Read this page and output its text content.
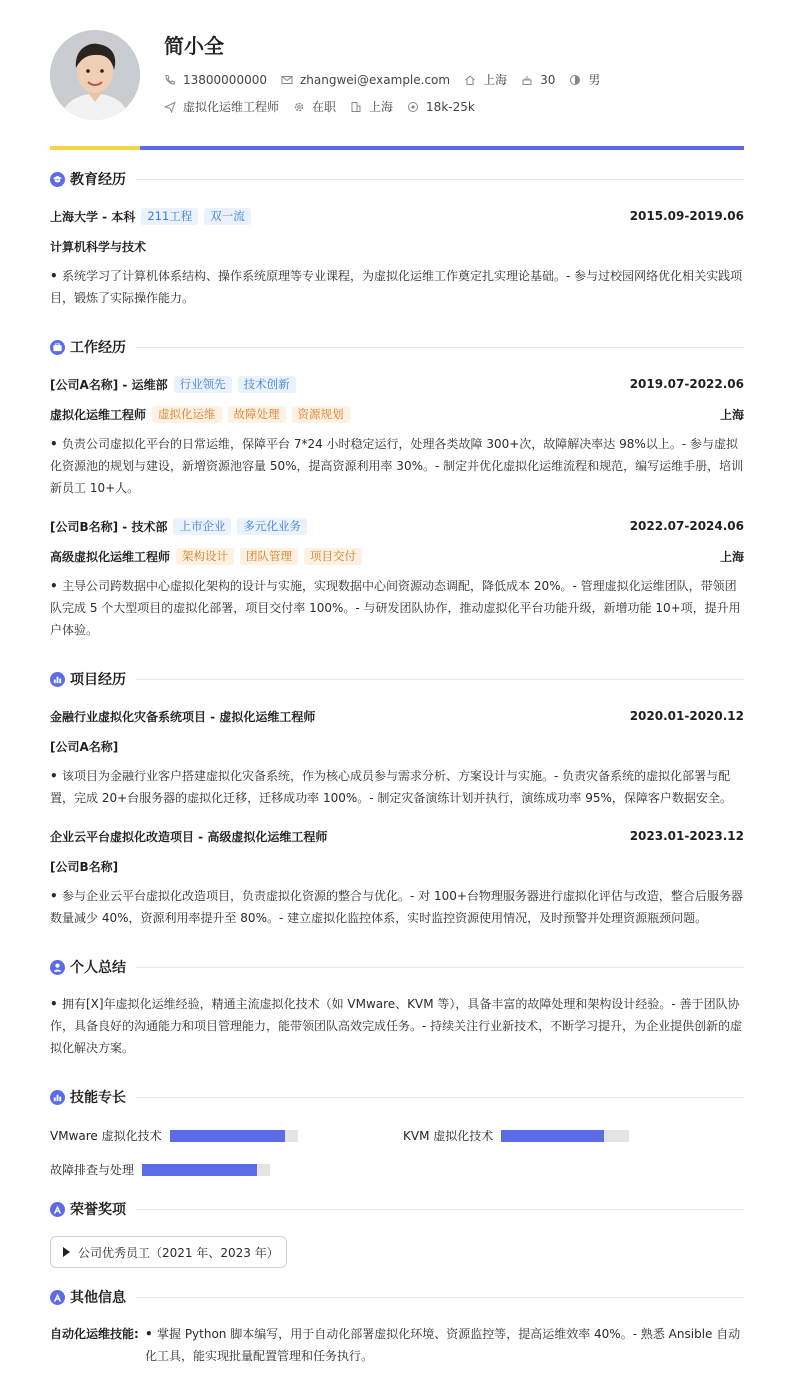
简小全
13800000000	zhangwei@example.com	上海	30	男
虚拟化运维工程师	在职	上海	18k-25k
教育经历
上海大学 - 本科	211工程	双一流	2015.09-2019.06
计算机科学与技术
• 系统学习了计算机体系结构、操作系统原理等专业课程，为虚拟化运维工作奠定扎实理论基础。- 参与过校园网络优化相关实践项目，锻炼了实际操作能力。
工作经历
[公司A名称] - 运维部	行业领先	技术创新	2019.07-2022.06
虚拟化运维工程师	虚拟化运维	故障处理	资源规划	上海
• 负责公司虚拟化平台的日常运维，保障平台 7*24 小时稳定运行，处理各类故障 300+次，故障解决率达 98%以上。- 参与虚拟化资源池的规划与建设，新增资源池容量 50%，提高资源利用率 30%。- 制定并优化虚拟化运维流程和规范，编写运维手册，培训新员工 10+人。
[公司B名称] - 技术部	上市企业	多元化业务	2022.07-2024.06
高级虚拟化运维工程师	架构设计	团队管理	项目交付	上海
• 主导公司跨数据中心虚拟化架构的设计与实施，实现数据中心间资源动态调配，降低成本 20%。- 管理虚拟化运维团队，带领团队完成 5 个大型项目的虚拟化部署，项目交付率 100%。- 与研发团队协作，推动虚拟化平台功能升级，新增功能 10+项，提升用户体验。
项目经历
金融行业虚拟化灾备系统项目 - 虚拟化运维工程师	2020.01-2020.12
[公司A名称]
• 该项目为金融行业客户搭建虚拟化灾备系统，作为核心成员参与需求分析、方案设计与实施。- 负责灾备系统的虚拟化部署与配置，完成 20+台服务器的虚拟化迁移，迁移成功率 100%。- 制定灾备演练计划并执行，演练成功率 95%，保障客户数据安全。
企业云平台虚拟化改造项目 - 高级虚拟化运维工程师	2023.01-2023.12
[公司B名称]
• 参与企业云平台虚拟化改造项目，负责虚拟化资源的整合与优化。- 对 100+台物理服务器进行虚拟化评估与改造，整合后服务器数量减少 40%，资源利用率提升至 80%。- 建立虚拟化监控体系，实时监控资源使用情况，及时预警并处理资源瓶颈问题。
个人总结
• 拥有[X]年虚拟化运维经验，精通主流虚拟化技术（如 VMware、KVM 等），具备丰富的故障处理和架构设计经验。- 善于团队协作，具备良好的沟通能力和项目管理能力，能带领团队高效完成任务。- 持续关注行业新技术，不断学习提升，为企业提供创新的虚拟化解决方案。
技能专长
VMware 虚拟化技术	KVM 虚拟化技术
故障排查与处理
荣誉奖项
公司优秀员工（2021 年、2023 年）
其他信息
自动化运维技能: • 掌握 Python 脚本编写，用于自动化部署虚拟化环境、资源监控等，提高运维效率 40%。- 熟悉 Ansible 自动化工具，能实现批量配置管理和任务执行。
